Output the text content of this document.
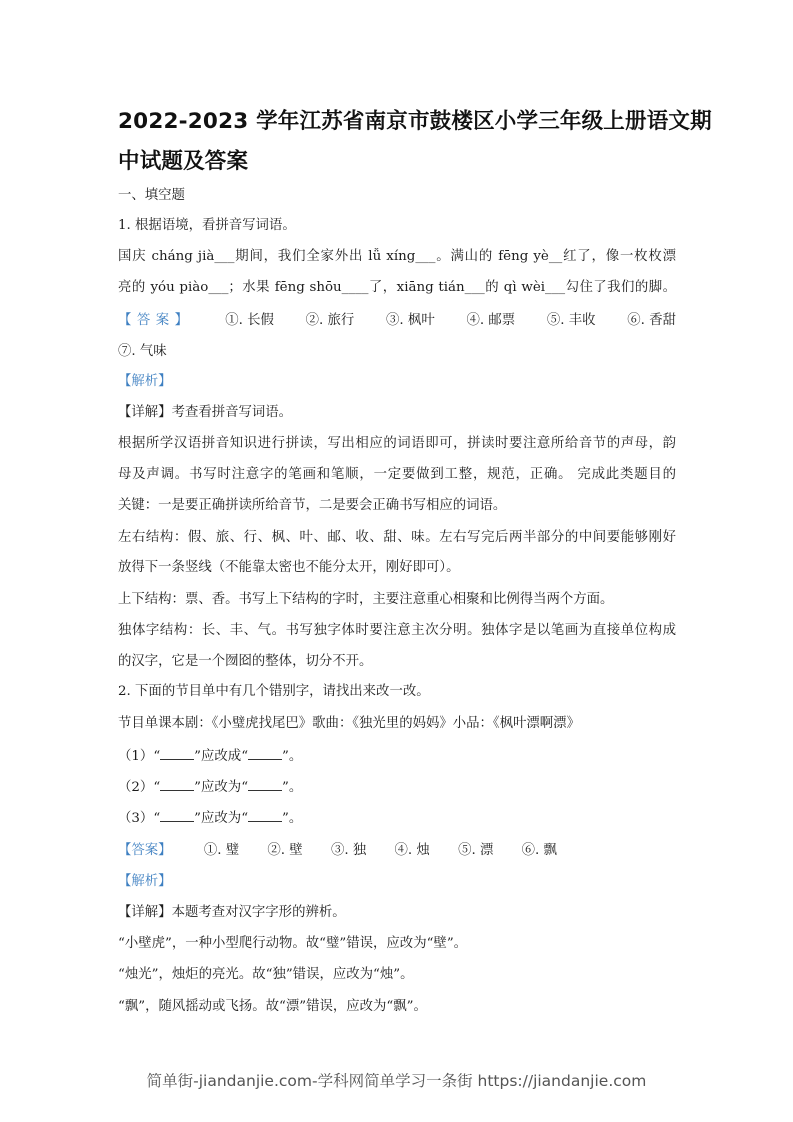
2022-2023 学年江苏省南京市鼓楼区小学三年级上册语文期
中试题及答案
一、填空题
1. 根据语境，看拼音写词语。
国庆 cháng jià___期间，我们全家外出 lǚ xíng___。满山的 fēng yè__红了，像一枚枚漂
亮的 yóu piào___；水果 fēng shōu____了，xiāng tián___的 qì wèi___勾住了我们的脚。
【答案】 ①. 长假 ②. 旅行 ③. 枫叶 ④. 邮票 ⑤. 丰收 ⑥. 香甜
⑦. 气味
【解析】
【详解】考查看拼音写词语。
根据所学汉语拼音知识进行拼读，写出相应的词语即可，拼读时要注意所给音节的声母，韵
母及声调。书写时注意字的笔画和笔顺，一定要做到工整，规范，正确。 完成此类题目的
关键：一是要正确拼读所给音节，二是要会正确书写相应的词语。
左右结构：假、旅、行、枫、叶、邮、收、甜、味。左右写完后两半部分的中间要能够刚好
放得下一条竖线（不能靠太密也不能分太开，刚好即可）。
上下结构：票、香。书写上下结构的字时，主要注意重心相聚和比例得当两个方面。
独体字结构：长、丰、气。书写独字体时要注意主次分明。独体字是以笔画为直接单位构成
的汉字，它是一个囫囵的整体，切分不开。
2. 下面的节目单中有几个错别字，请找出来改一改。
节目单课本剧：《小璧虎找尾巴》歌曲：《独光里的妈妈》小品：《枫叶漂啊漂》
（1）“	”应改成“	”。
（2）“	”应改为“	”。
（3）“	”应改为“	”。
【答案】 ①. 璧 ②. 壁 ③. 独 ④. 烛 ⑤. 漂 ⑥. 飘
【解析】
【详解】本题考查对汉字字形的辨析。
“小壁虎”，一种小型爬行动物。故“璧”错误，应改为“壁”。
“烛光”，烛炬的亮光。故“独”错误，应改为“烛”。
“飘”，随风摇动或飞扬。故“漂”错误，应改为“飘”。
简单街-jiandanjie.com-学科网简单学习一条街 https://jiandanjie.com
